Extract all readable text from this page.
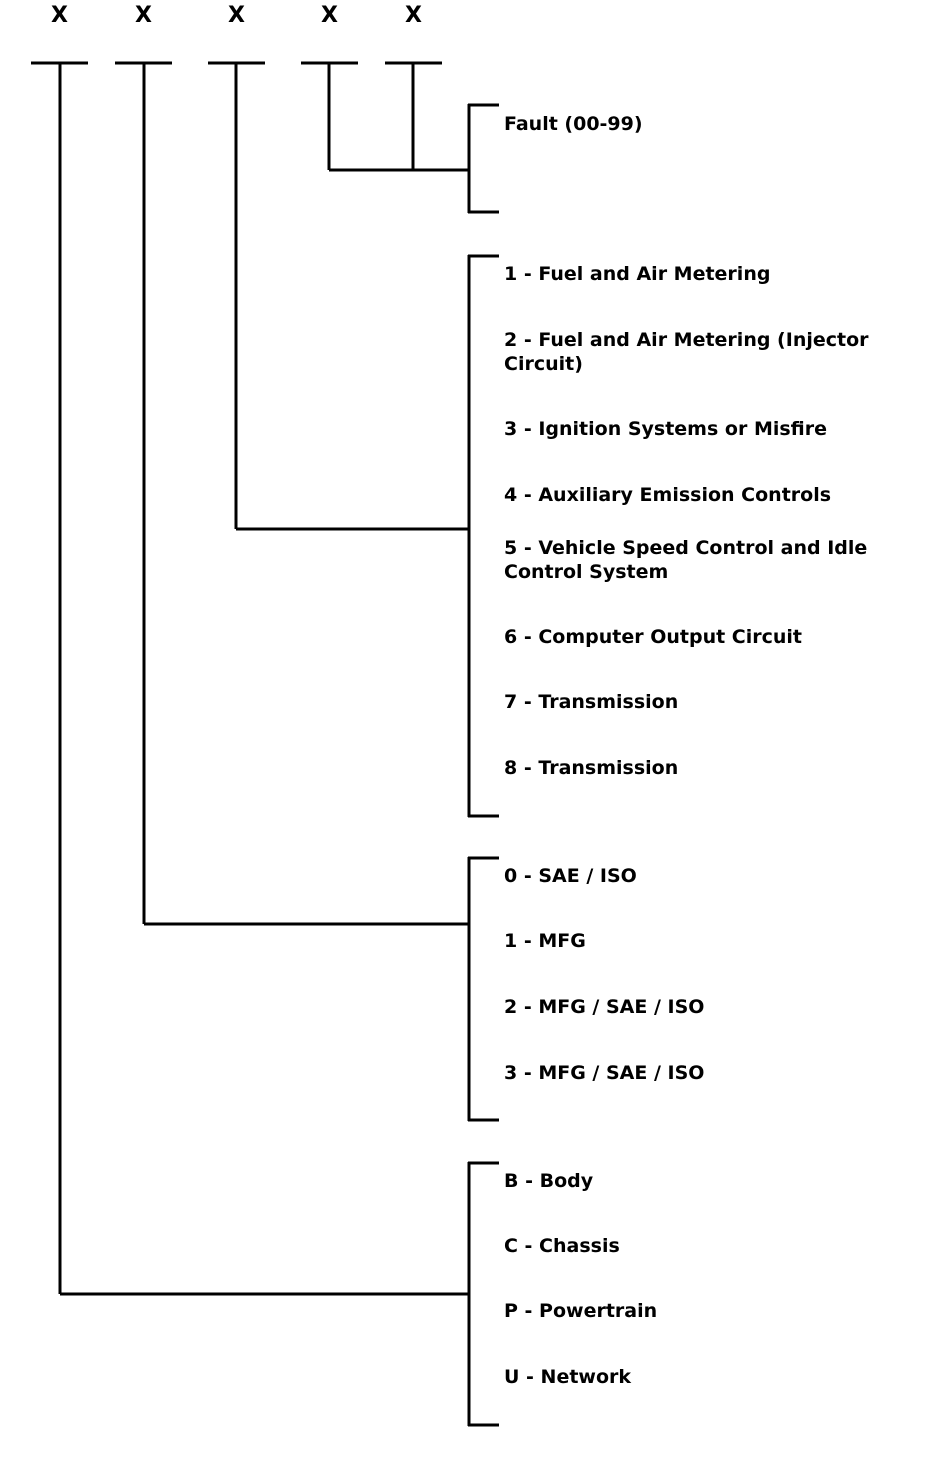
X	X	X	X	X

Fault (00-99)

1 - Fuel and Air Metering

2 - Fuel and Air Metering (Injector Circuit)

3 - Ignition Systems or Misfire

4 - Auxiliary Emission Controls

5 - Vehicle Speed Control and Idle Control System

6 - Computer Output Circuit

7 - Transmission

8 - Transmission

0 - SAE / ISO

1 - MFG

2 - MFG / SAE / ISO

3 - MFG / SAE / ISO

B - Body

C - Chassis

P - Powertrain

U - Network
